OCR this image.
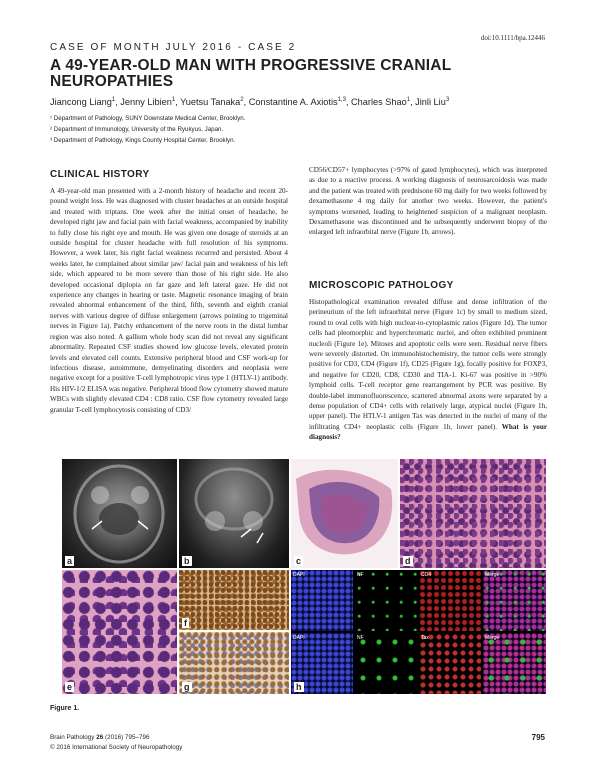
doi:10.1111/bpa.12446
CASE OF MONTH JULY 2016 - CASE 2
A 49-YEAR-OLD MAN WITH PROGRESSIVE CRANIAL NEUROPATHIES
Jiancong Liang$^1$, Jenny Libien$^1$, Yuetsu Tanaka$^2$, Constantine A. Axiotis$^{1,3}$, Charles Shao$^1$, Jinli Liu$^3$
¹ Department of Pathology, SUNY Downstate Medical Center, Brooklyn.
² Department of Immunology, University of the Ryukyus, Japan.
³ Department of Pathology, Kings County Hospital Center, Brooklyn.
CLINICAL HISTORY
A 49-year-old man presented with a 2-month history of headache and recent 20-pound weight loss. He was diagnosed with cluster headaches at an outside hospital and treated with triptans. One week after the initial onset of headache, he developed right jaw and facial pain with facial weakness, accompanied by inability to fully close his right eye and mouth. He was given one dosage of steroids at an outside hospital for cluster headache with full resolution of his symptoms. However, a week later, his right facial weakness recurred and persisted. About 4 weeks later, he complained about similar jaw/ facial pain and weakness of his left side, which appeared to be more severe than those of his right side. He also developed occasional diplopia on far gaze and left lateral gaze. He did not experience any changes in hearing or taste. Magnetic resonance imaging of brain revealed abnormal enhancement of the third, fifth, seventh and eighth cranial nerves with various degree of diffuse enlargement (arrows pointing to trigeminal nerves in Figure 1a). Patchy enhancement of the nerve roots in the distal lumbar region was also noted. A gallium whole body scan did not reveal any significant abnormality. Repeated CSF studies showed low glucose levels, elevated protein levels and elevated cell counts. Extensive peripheral blood and CSF work-up for infectious disease, autoimmune, demyelinating disorders and neoplasia were negative except for a positive T-cell lymphotropic virus type 1 (HTLV-1) antibody. His HIV-1/2 ELISA was negative. Peripheral blood flow cytometry showed mature WBCs with slightly elevated CD4 : CD8 ratio. CSF flow cytometry revealed large granular T-cell lymphocytosis consisting of CD3/
CD56/CD57+ lymphocytes (>97% of gated lymphocytes), which was interpreted as due to a reactive process. A working diagnosis of neurosarcoidosis was made and the patient was treated with prednisone 60 mg daily for two weeks followed by dexamethasone 4 mg daily for another two weeks. However, the patient's symptoms worsened, leading to heightened suspicion of a malignant neoplasm. Dexamethasone was discontinued and he subsequently underwent biopsy of the enlarged left infraorbital nerve (Figure 1b, arrows).
MICROSCOPIC PATHOLOGY
Histopathological examination revealed diffuse and dense infiltration of the perineurium of the left infraorbital nerve (Figure 1c) by small to medium sized, round to oval cells with high nuclear-to-cytoplasmic ratios (Figure 1d). The tumor cells had pleomorphic and hyperchromatic nuclei, and often exhibited prominent nucleoli (Figure 1e). Mitoses and apoptotic cells were seen. Residual nerve fibers were severely distorted. On immunohistochemistry, the tumor cells were strongly positive for CD3, CD4 (Figure 1f), CD25 (Figure 1g), focally positive for FOXP3, and negative for CD20, CD8, CD30 and TIA-1. Ki-67 was positive in >90% lymphoid cells. T-cell receptor gene rearrangement by PCR was positive. By double-label immunofluorescence, scattered abnormal axons were separated by a dense population of CD4+ cells with relatively large, atypical nuclei (Figure 1h, upper panel). The HTLV-1 antigen Tax was detected in the nuclei of many of the infiltrating CD4+ neoplastic cells (Figure 1h, lower panel). What is your diagnosis?
a	b	c	d
e
f
g
DAPI	NF	CD4	Merge
DAPI	NF	Tax	Merge
h
Figure 1.
Brain Pathology 26 (2016) 795–796
© 2016 International Society of Neuropathology
795
